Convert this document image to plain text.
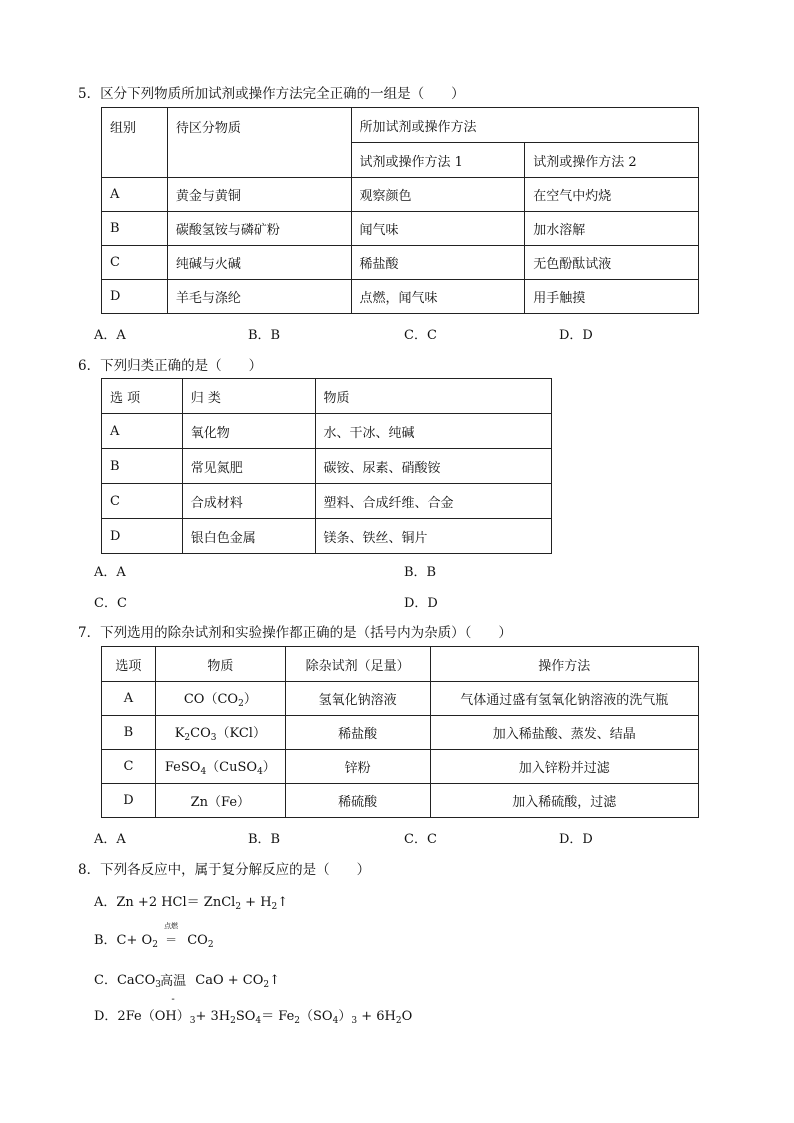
5．区分下列物质所加试剂或操作方法完全正确的一组是（　　）
组别	待区分物质	所加试剂或操作方法	
		试剂或操作方法 1	试剂或操作方法 2
A	黄金与黄铜	观察颜色	在空气中灼烧
B	碳酸氢铵与磷矿粉	闻气味	加水溶解
C	纯碱与火碱	稀盐酸	无色酚酞试液
D	羊毛与涤纶	点燃，闻气味	用手触摸
A．A	B．B	C．C	D．D
6．下列归类正确的是（　　）
选 项	归 类	物质
A	氧化物	水、干冰、纯碱
B	常见氮肥	碳铵、尿素、硝酸铵
C	合成材料	塑料、合成纤维、合金
D	银白色金属	镁条、铁丝、铜片
A．A	B．B
C．C	D．D
7．下列选用的除杂试剂和实验操作都正确的是（括号内为杂质）（　　）
选项	物质	除杂试剂（足量）	操作方法
A	$CO(CO_2)$	氢氧化钠溶液	气体通过盛有氢氧化钠溶液的洗气瓶
B	$K_2CO_3(KCl)$	稀盐酸	加入稀盐酸、蒸发、结晶
C	FeSO$_4$（CuSO$_4$）	锌粉	加入锌粉并过滤
D	Zn（Fe）	稀硫酸	加入稀硫酸，过滤
A．A	B．B	C．C	D．D
8．下列各反应中，属于复分解反应的是（　　）
A．Zn +2 HCl＝ ZnCl$_2$ + $H_2↑$
B．$C+ O_2$
点燃
＝ $CO_2$
C．CaCO$_3$ 高温
-
CaO + $CO_2↑$
D．$2Fe(OH)_3+ 3H_2SO_4= Fe_2(SO_4)_3 + 6H_2O$
